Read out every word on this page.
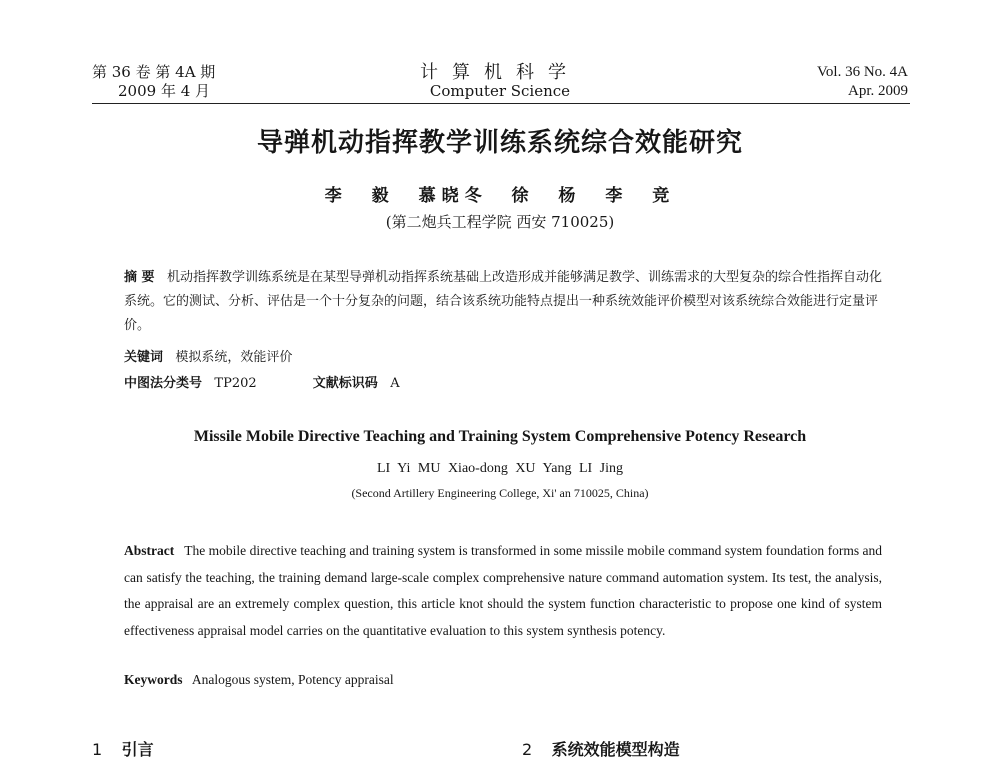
第 36 卷 第 4A 期
2009 年 4 月
计算机科学
Computer Science
Vol. 36 No. 4A
Apr. 2009
导弹机动指挥教学训练系统综合效能研究
李 毅 慕晓冬 徐 杨 李 竞
(第二炮兵工程学院 西安 710025)
摘 要 机动指挥教学训练系统是在某型导弹机动指挥系统基础上改造形成并能够满足教学、训练需求的大型复杂的综合性指挥自动化系统。它的测试、分析、评估是一个十分复杂的问题，结合该系统功能特点提出一种系统效能评价模型对该系统综合效能进行定量评价。
关键词 模拟系统，效能评价
中图法分类号 TP202	文献标识码 A
Missile Mobile Directive Teaching and Training System Comprehensive Potency Research
LI Yi MU Xiao-dong XU Yang LI Jing
(Second Artillery Engineering College, Xi' an 710025, China)
Abstract The mobile directive teaching and training system is transformed in some missile mobile command system foundation forms and can satisfy the teaching, the training demand large-scale complex comprehensive nature command automation system. Its test, the analysis, the appraisal are an extremely complex question, this article knot should the system function characteristic to propose one kind of system effectiveness appraisal model carries on the quantitative evaluation to this system synthesis potency.
Keywords Analogous system, Potency appraisal
1 引言	2 系统效能模型构造
